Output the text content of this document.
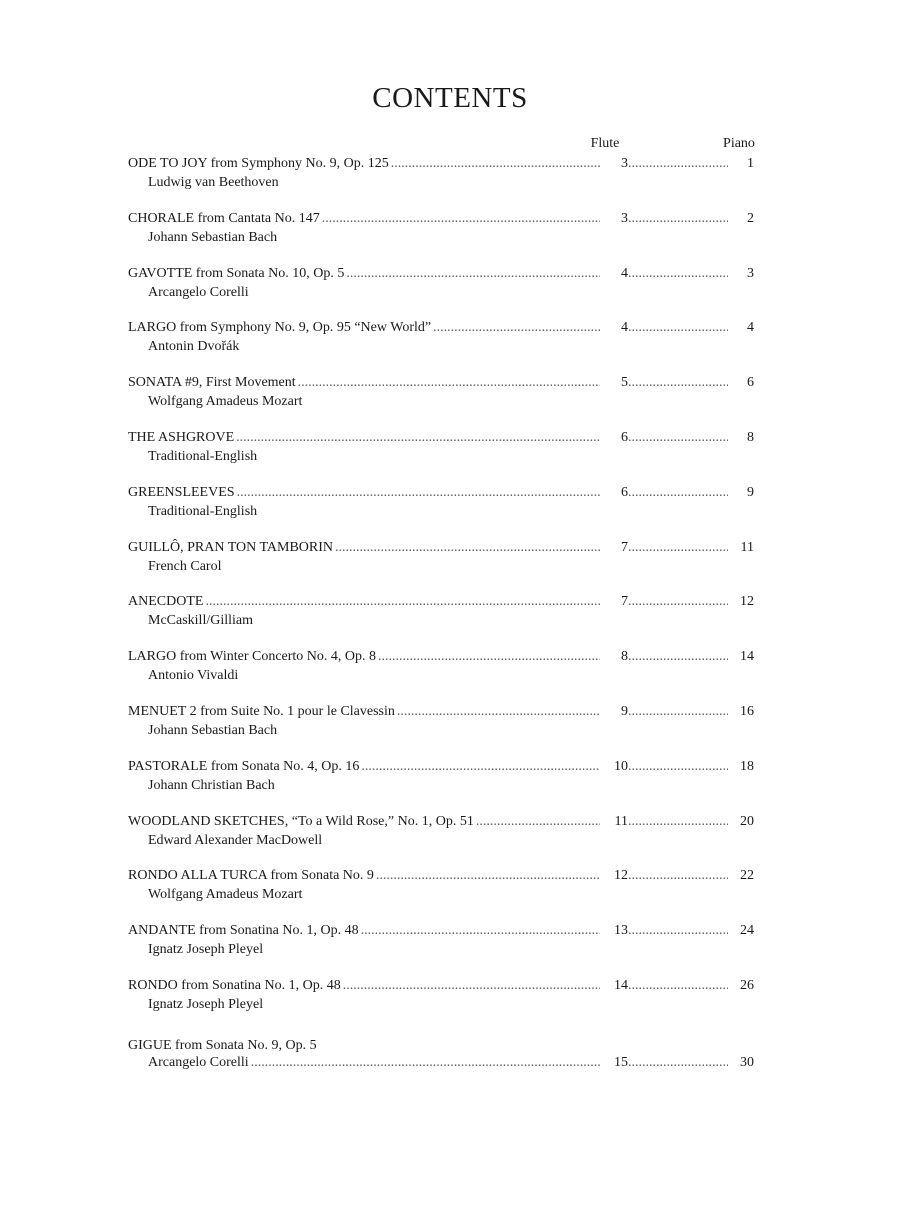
CONTENTS
Flute	Piano
ODE TO JOY from Symphony No. 9, Op. 125 .....	3 .....	1
Ludwig van Beethoven
CHORALE from Cantata No. 147 .....	3 .....	2
Johann Sebastian Bach
GAVOTTE from Sonata No. 10, Op. 5 .....	4 .....	3
Arcangelo Corelli
LARGO from Symphony No. 9, Op. 95 “New World” .....	4 .....	4
Antonin Dvořák
SONATA #9, First Movement .....	5 .....	6
Wolfgang Amadeus Mozart
THE ASHGROVE .....	6 .....	8
Traditional-English
GREENSLEEVES .....	6 .....	9
Traditional-English
GUILLÔ, PRAN TON TAMBORIN .....	7 .....	11
French Carol
ANECDOTE .....	7 .....	12
McCaskill/Gilliam
LARGO from Winter Concerto No. 4, Op. 8 .....	8 .....	14
Antonio Vivaldi
MENUET 2 from Suite No. 1 pour le Clavessin .....	9 .....	16
Johann Sebastian Bach
PASTORALE from Sonata No. 4, Op. 16 .....	10 .....	18
Johann Christian Bach
WOODLAND SKETCHES, “To a Wild Rose,” No. 1, Op. 51 .....	11 .....	20
Edward Alexander MacDowell
RONDO ALLA TURCA from Sonata No. 9 .....	12 .....	22
Wolfgang Amadeus Mozart
ANDANTE from Sonatina No. 1, Op. 48 .....	13 .....	24
Ignatz Joseph Pleyel
RONDO from Sonatina No. 1, Op. 48 .....	14 .....	26
Ignatz Joseph Pleyel
GIGUE from Sonata No. 9, Op. 5
Arcangelo Corelli .....	15 .....	30
